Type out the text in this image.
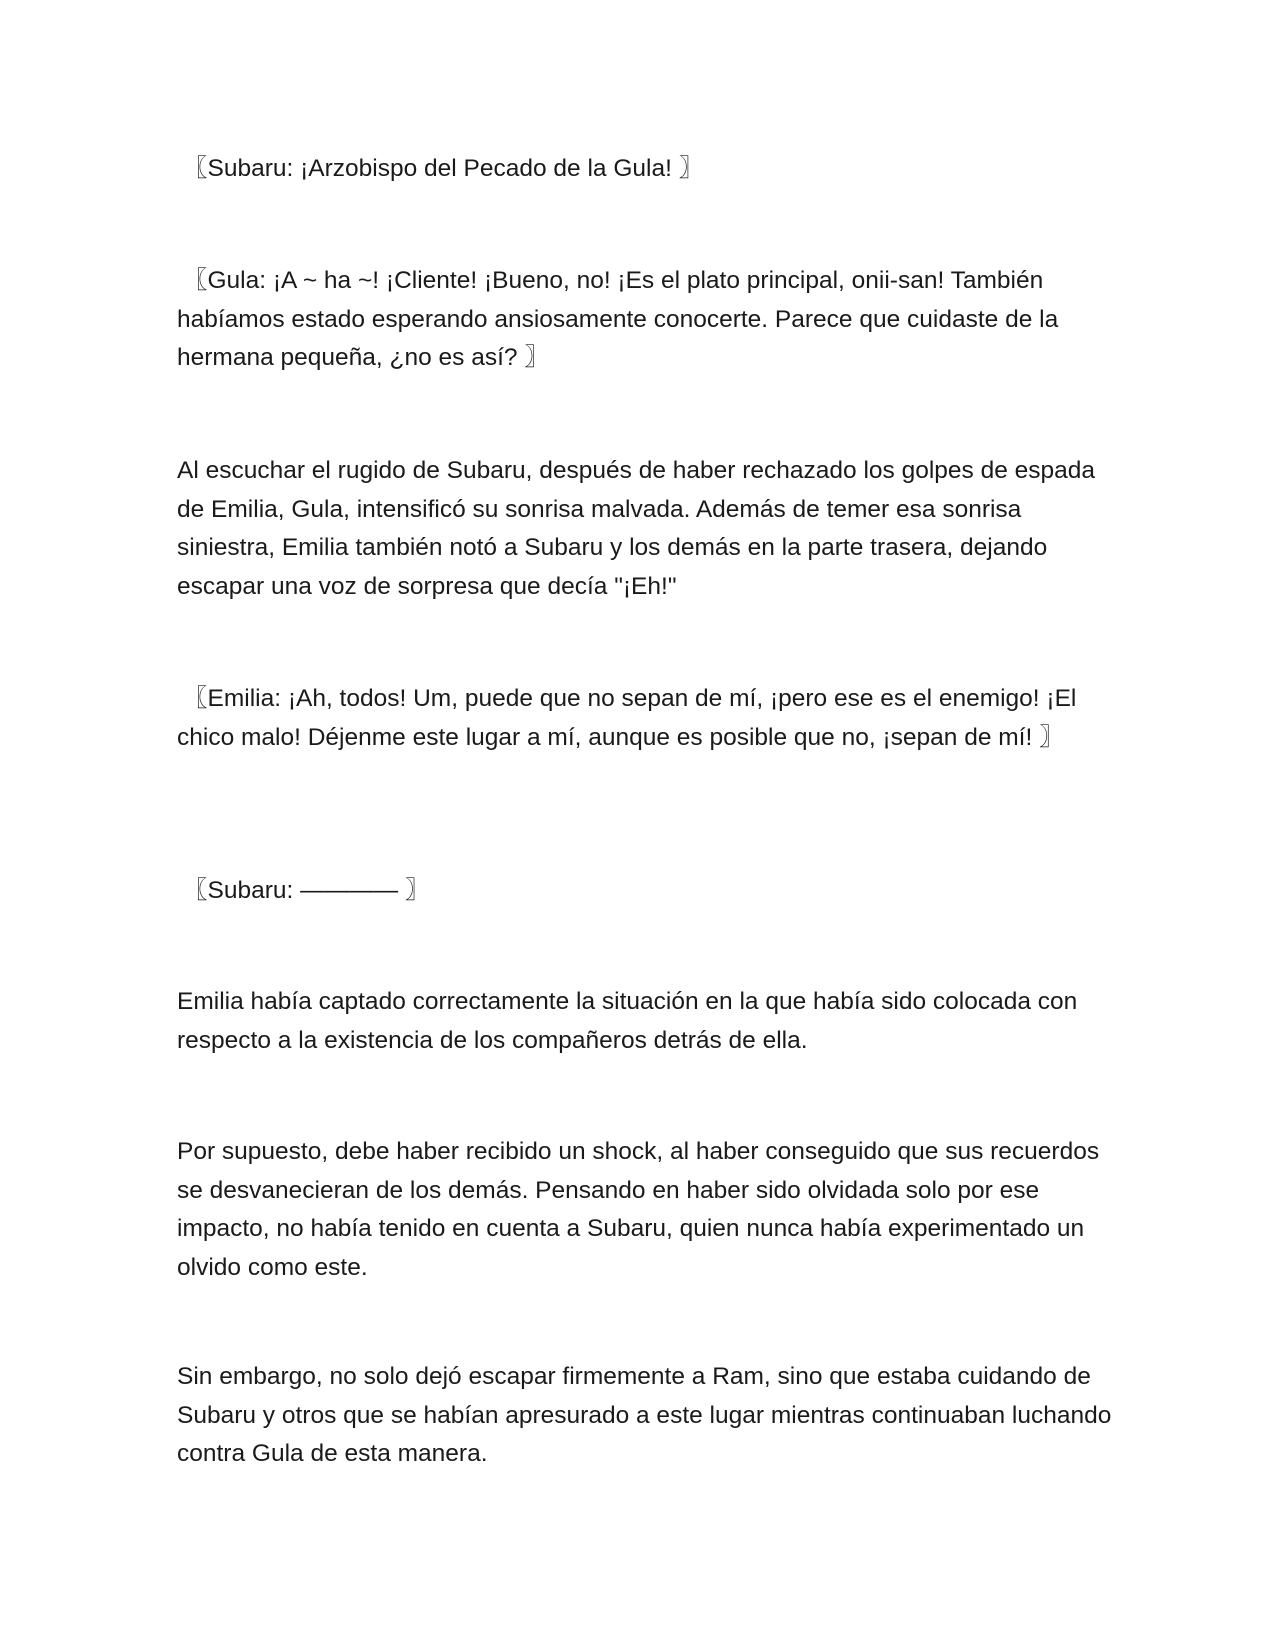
〖Subaru: ¡Arzobispo del Pecado de la Gula! 〗

〖Gula: ¡A ~ ha ~! ¡Cliente! ¡Bueno, no! ¡Es el plato principal, onii-san! También habíamos estado esperando ansiosamente conocerte. Parece que cuidaste de la hermana pequeña, ¿no es así? 〗

Al escuchar el rugido de Subaru, después de haber rechazado los golpes de espada de Emilia, Gula, intensificó su sonrisa malvada. Además de temer esa sonrisa siniestra, Emilia también notó a Subaru y los demás en la parte trasera, dejando escapar una voz de sorpresa que decía "¡Eh!"

〖Emilia: ¡Ah, todos! Um, puede que no sepan de mí, ¡pero ese es el enemigo! ¡El chico malo! Déjenme este lugar a mí, aunque es posible que no, ¡sepan de mí! 〗

〖Subaru: ———— 〗

Emilia había captado correctamente la situación en la que había sido colocada con respecto a la existencia de los compañeros detrás de ella.

Por supuesto, debe haber recibido un shock, al haber conseguido que sus recuerdos se desvanecieran de los demás. Pensando en haber sido olvidada solo por ese impacto, no había tenido en cuenta a Subaru, quien nunca había experimentado un olvido como este.

Sin embargo, no solo dejó escapar firmemente a Ram, sino que estaba cuidando de Subaru y otros que se habían apresurado a este lugar mientras continuaban luchando contra Gula de esta manera.
